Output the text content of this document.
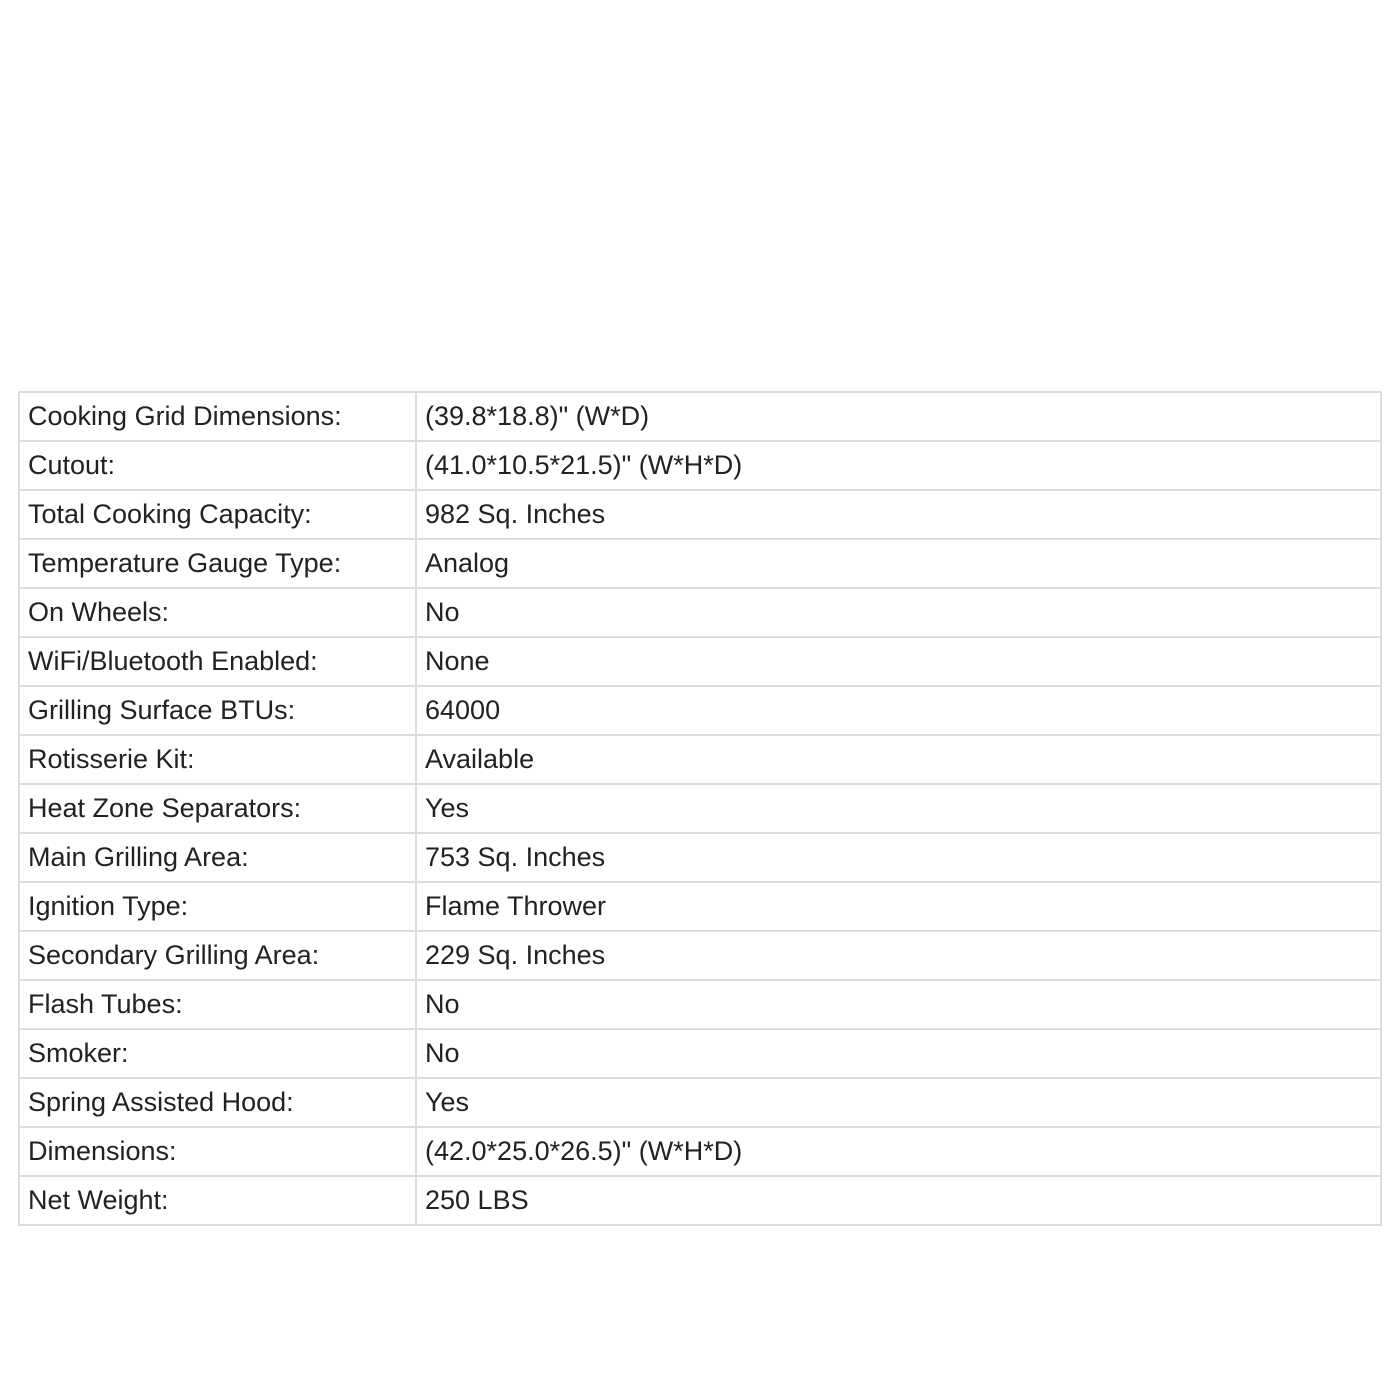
Cooking Grid Dimensions:	(39.8*18.8)" (W*D)
Cutout:	(41.0*10.5*21.5)" (W*H*D)
Total Cooking Capacity:	982 Sq. Inches
Temperature Gauge Type:	Analog
On Wheels:	No
WiFi/Bluetooth Enabled:	None
Grilling Surface BTUs:	64000
Rotisserie Kit:	Available
Heat Zone Separators:	Yes
Main Grilling Area:	753 Sq. Inches
Ignition Type:	Flame Thrower
Secondary Grilling Area:	229 Sq. Inches
Flash Tubes:	No
Smoker:	No
Spring Assisted Hood:	Yes
Dimensions:	(42.0*25.0*26.5)" (W*H*D)
Net Weight:	250 LBS
